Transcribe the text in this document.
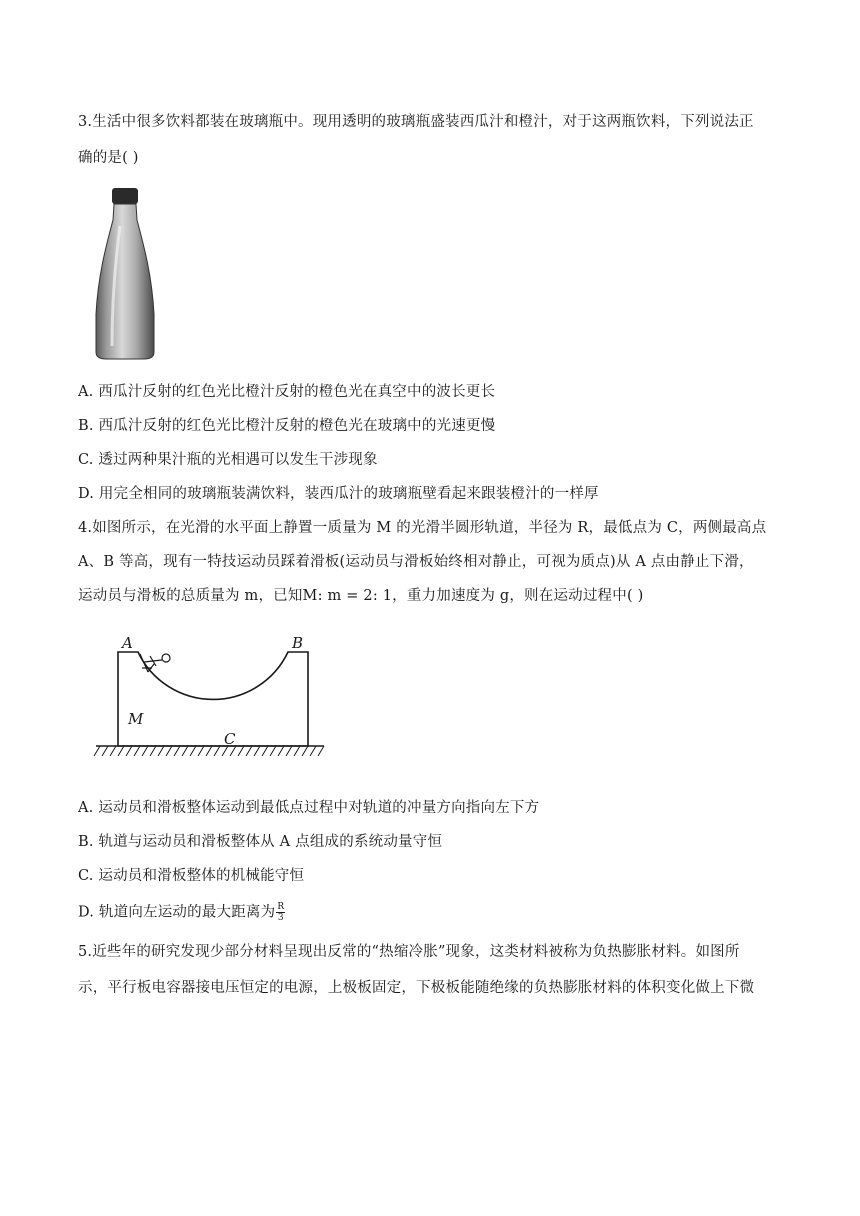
3.生活中很多饮料都装在玻璃瓶中。现用透明的玻璃瓶盛装西瓜汁和橙汁，对于这两瓶饮料，下列说法正
确的是( )
A. 西瓜汁反射的红色光比橙汁反射的橙色光在真空中的波长更长
B. 西瓜汁反射的红色光比橙汁反射的橙色光在玻璃中的光速更慢
C. 透过两种果汁瓶的光相遇可以发生干涉现象
D. 用完全相同的玻璃瓶装满饮料，装西瓜汁的玻璃瓶壁看起来跟装橙汁的一样厚
4.如图所示，在光滑的水平面上静置一质量为 M 的光滑半圆形轨道，半径为 R，最低点为 C，两侧最高点
A、B 等高，现有一特技运动员踩着滑板(运动员与滑板始终相对静止，可视为质点)从 A 点由静止下滑，
运动员与滑板的总质量为 m，已知M: m = 2: 1，重力加速度为 g，则在运动过程中( )
A	B
M
C
A. 运动员和滑板整体运动到最低点过程中对轨道的冲量方向指向左下方
B. 轨道与运动员和滑板整体从 A 点组成的系统动量守恒
C. 运动员和滑板整体的机械能守恒
D. 轨道向左运动的最大距离为 $\frac{R}{3}$
5.近些年的研究发现少部分材料呈现出反常的“热缩冷胀”现象，这类材料被称为负热膨胀材料。如图所
示，平行板电容器接电压恒定的电源，上极板固定，下极板能随绝缘的负热膨胀材料的体积变化做上下微
